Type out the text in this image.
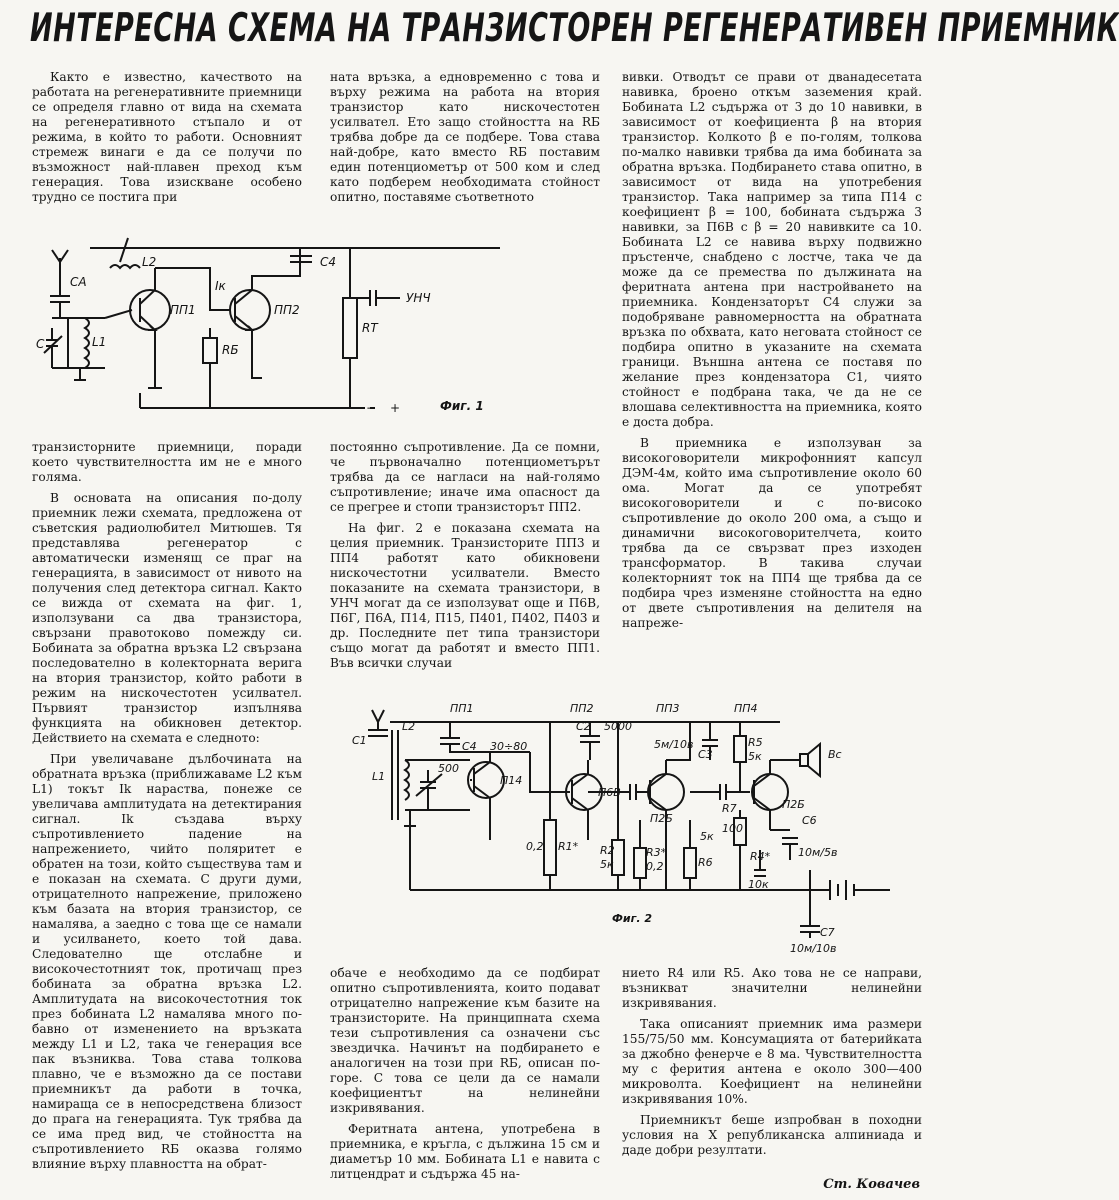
ИНТЕРЕСНА СХЕМА НА ТРАНЗИСТОРЕН РЕГЕНЕРАТИВЕН ПРИЕМНИК

Както е известно, качеството на работата на регенеративните приемници се определя главно от вида на схемата на регенеративното стъпало и от режима, в който то работи. Основният стремеж винаги е да се получи по възможност най-плавен преход към генерация. Това изискване особено трудно се постига при

ната връзка, а едновременно с това и върху режима на работа на втория транзистор като нискочестотен усилвател. Ето защо стойността на RБ трябва добре да се подбере. Това става най-добре, като вместо RБ поставим един потенциометър от 500 ком и след като подберем необходимата стойност опитно, поставяме съответното

вивки. Отводът се прави от дванадесетата навивка, броено откъм заземения край. Бобината L2 съдържа от 3 до 10 навивки, в зависимост от коефициента β на втория транзистор. Колкото β е по-голям, толкова по-малко навивки трябва да има бобината за обратна връзка. Подбирането става опитно, в зависимост от вида на употребения транзистор. Така например за типа П14 с коефициент β = 100, бобината съдържа 3 навивки, за П6В с β = 20 навивките са 10. Бобината L2 се навива върху подвижно пръстенче, снабдено с лостче, така че да може да се премества по дължината на феритната антена при настройването на приемника. Кондензаторът C4 служи за подобряване равномерността на обратната връзка по обхвата, като неговата стойност се подбира опитно в указаните на схемата граници. Външна антена се поставя по желание през кондензатора C1, чиято стойност е подбрана така, че да не се влошава селективността на приемника, която е доста добра.

В приемника е използуван за високоговорители микрофонният капсул ДЭМ-4м, който има съпротивление около 60 ома. Могат да се употребят високоговорители и с по-високо съпротивление до около 200 ома, а също и динамични високоговорителчета, които трябва да се свързват през изходен трансформатор. В такива случаи колекторният ток на ПП4 ще трябва да се подбира чрез изменяне стойността на едно от двете съпротивления на делителя на напреже-

CA
C	L1
L2	C4
ПП1	ПП2
Iк
RБ
RT
УНЧ
− +	Фиг. 1

транзисторните приемници, поради което чувствителността им не е много голяма.

В основата на описания по-долу приемник лежи схемата, предложена от съветския радиолюбител Митюшев. Тя представлява регенератор с автоматически изменящ се праг на генерацията, в зависимост от нивото на получения след детектора сигнал. Както се вижда от схемата на фиг. 1, използувани са два транзистора, свързани правотоково помежду си. Бобината за обратна връзка L2 свързана последователно в колекторната верига на втория транзистор, който работи в режим на нискочестотен усилвател. Първият транзистор изпълнява функцията на обикновен детектор. Действието на схемата е следното:

При увеличаване дълбочината на обратната връзка (приближаваме L2 към L1) токът Ik нараства, понеже се увеличава амплитудата на детектирания сигнал. Ik създава върху съпротивлението падение на напрежението, чийто поляритет е обратен на този, който съществува там и е показан на схемата. С други думи, отрицателното напрежение, приложено към базата на втория транзистор, се намалява, а заедно с това ще се намали и усилването, което той дава. Следователно ще отслабне и високочестотният ток, протичащ през бобината за обратна връзка L2. Амплитудата на високочестотния ток през бобината L2 намалява много по-бавно от изменението на връзката между L1 и L2, така че генерация все пак възниква. Това става толкова плавно, че е възможно да се постави приемникът да работи в точка, намираща се в непосредствена близост до прага на генерацията. Тук трябва да се има пред вид, че стойността на съпротивлението RБ оказва голямо влияние върху плавността на обрат-

постоянно съпротивление. Да се помни, че първоначално потенциометърът трябва да се нагласи на най-голямо съпротивление; иначе има опасност да се прегрее и стопи транзисторът ПП2.

На фиг. 2 е показана схемата на целия приемник. Транзисторите ПП3 и ПП4 работят като обикновени нискочестотни усилватели. Вместо показаните на схемата транзистори, в УНЧ могат да се използуват още и П6В, П6Г, П6А, П14, П15, П401, П402, П403 и др. Последните пет типа транзистори също могат да работят и вместо ПП1. Във всички случаи

ПП1	ПП2	ПП3	ПП4
C1
L1
L2	C2 5000
C4 30÷80
500
П14
П6В
П2Б
П2Б
C3
5м/10в	R5
5к
R1*
0,2	R2
5к
R3*
0,2	R6
5к
R7
100
R4*
10к
C6
10м/5в
C7
10м/10в
Вс
Фиг. 2

обаче е необходимо да се подбират опитно съпротивленията, които подават отрицателно напрежение към базите на транзисторите. На принципната схема тези съпротивления са означени със звездичка. Начинът на подбирането е аналогичен на този при RБ, описан по-горе. С това се цели да се намали коефициентът на нелинейни изкривявания.

Феритната антена, употребена в приемника, е кръгла, с дължина 15 см и диаметър 10 мм. Бобината L1 е навита с литцендрат и съдържа 45 на-

нието R4 или R5. Ако това не се направи, възникват значителни нелинейни изкривявания.

Така описаният приемник има размери 155/75/50 мм. Консумацията от батерийката за джобно фенерче е 8 ма. Чувствителността му с ферития антена е около 300—400 микроволта. Коефициент на нелинейни изкривявания 10%.

Приемникът беше изпробван в походни условия на X републиканска алпиниада и даде добри резултати.

Ст. Ковачев
